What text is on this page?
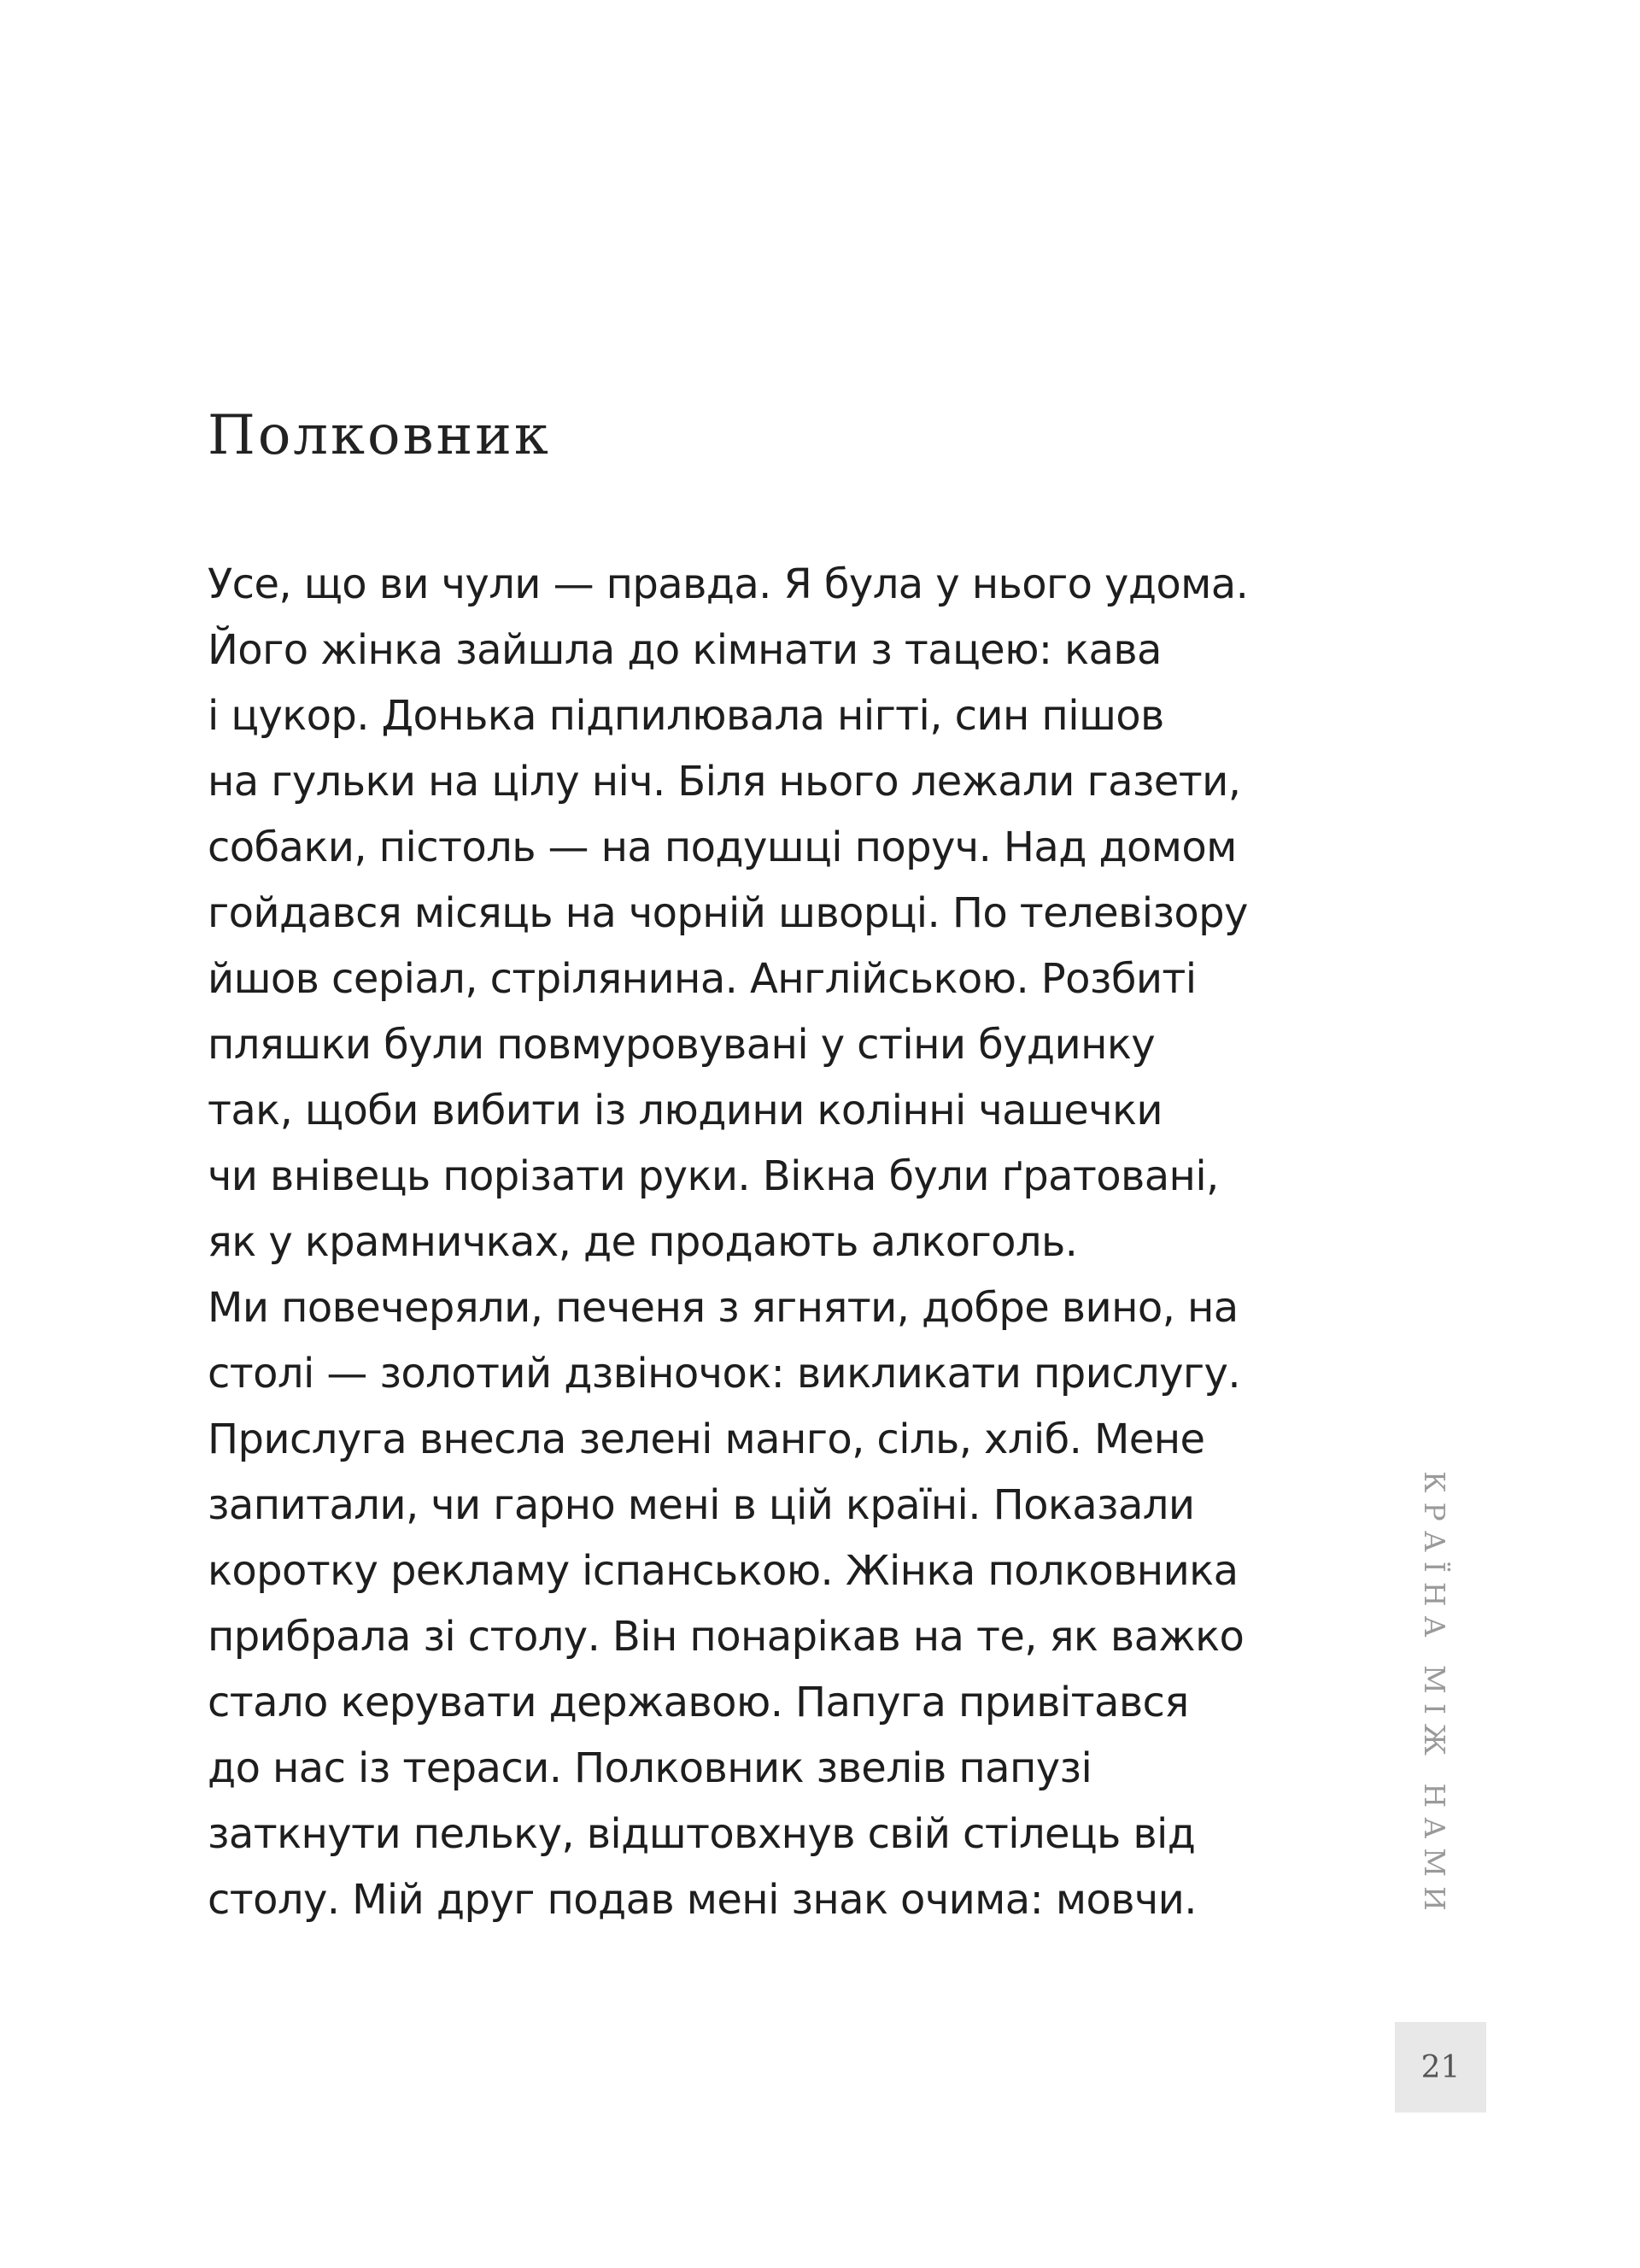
Полковник
Усе, що ви чули — правда. Я була у нього удома.
Його жінка зайшла до кімнати з тацею: кава
і цукор. Донька підпилювала нігті, син пішов
на гульки на цілу ніч. Біля нього лежали газети,
собаки, пістоль — на подушці поруч. Над домом
гойдався місяць на чорній шворці. По телевізору
йшов серіал, стрілянина. Англійською. Розбиті
пляшки були повмуровувані у стіни будинку
так, щоби вибити із людини колінні чашечки
чи внівець порізати руки. Вікна були ґратовані,
як у крамничках, де продають алкоголь.
Ми повечеряли, печеня з ягняти, добре вино, на
столі — золотий дзвіночок: викликати прислугу.
Прислуга внесла зелені манго, сіль, хліб. Мене
запитали, чи гарно мені в цій країні. Показали
коротку рекламу іспанською. Жінка полковника
прибрала зі столу. Він понарікав на те, як важко
стало керувати державою. Папуга привітався
до нас із тераси. Полковник звелів папузі
заткнути пельку, відштовхнув свій стілець від
столу. Мій друг подав мені знак очима: мовчи.	КРАЇНА МІЖ НАМИ
21
